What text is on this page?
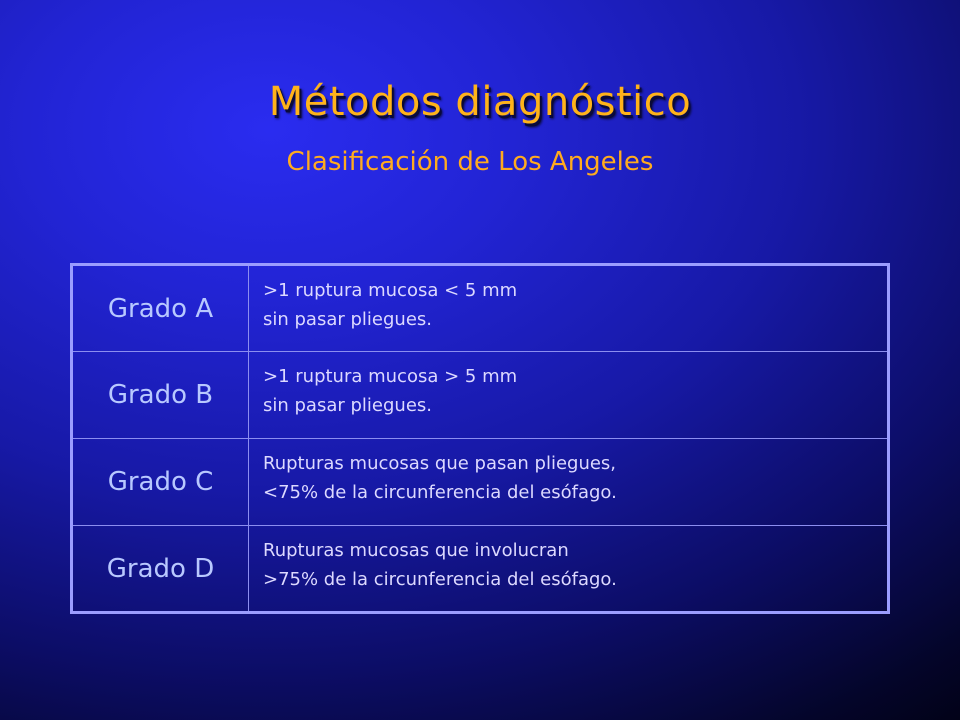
Métodos diagnóstico
Clasificación de Los Angeles
Grado A	>1 ruptura mucosa < 5 mm
sin pasar pliegues.

Grado B	>1 ruptura mucosa > 5 mm
sin pasar pliegues.

Grado C	Rupturas mucosas que pasan pliegues,
<75% de la circunferencia del esófago.

Grado D	Rupturas mucosas que involucran
>75% de la circunferencia del esófago.
